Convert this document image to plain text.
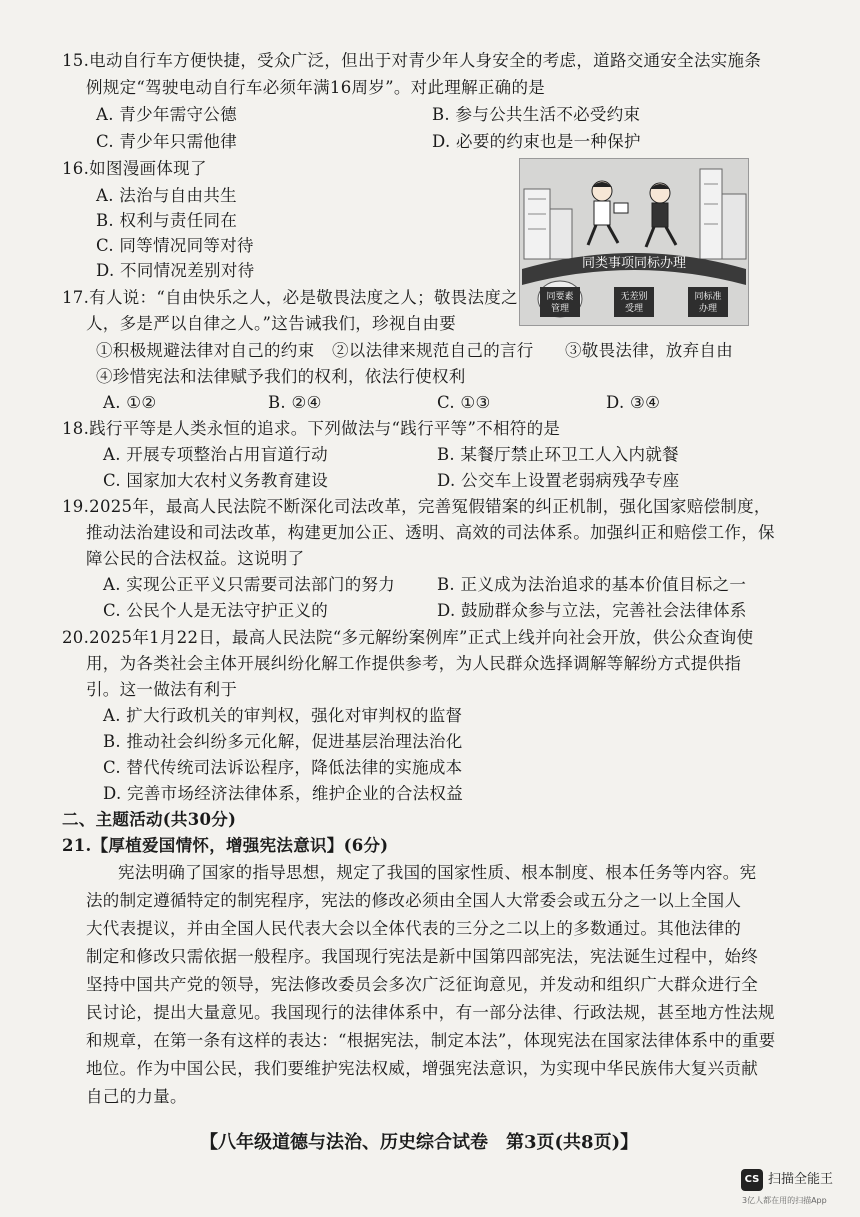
15.电动自行车方便快捷，受众广泛，但出于对青少年人身安全的考虑，道路交通安全法实施条
例规定“驾驶电动自行车必须年满16周岁”。对此理解正确的是
A. 青少年需守公德	B. 参与公共生活不必受约束
C. 青少年只需他律	D. 必要的约束也是一种保护
16.如图漫画体现了
A. 法治与自由共生
B. 权利与责任同在
C. 同等情况同等对待
D. 不同情况差别对待	同类事项同标办理
同要素
管理
无差别
受理
同标准
办理
17.有人说：“自由快乐之人，必是敬畏法度之人；敬畏法度之
人，多是严以自律之人。”这告诫我们，珍视自由要
①积极规避法律对自己的约束 ②以法律来规范自己的言行 ③敬畏法律，放弃自由
④珍惜宪法和法律赋予我们的权利，依法行使权利
A. ①②	B. ②④	C. ①③	D. ③④
18.践行平等是人类永恒的追求。下列做法与“践行平等”不相符的是
A. 开展专项整治占用盲道行动	B. 某餐厅禁止环卫工人入内就餐
C. 国家加大农村义务教育建设	D. 公交车上设置老弱病残孕专座
19.2025年，最高人民法院不断深化司法改革，完善冤假错案的纠正机制，强化国家赔偿制度，
推动法治建设和司法改革，构建更加公正、透明、高效的司法体系。加强纠正和赔偿工作，保
障公民的合法权益。这说明了
A. 实现公正平义只需要司法部门的努力	B. 正义成为法治追求的基本价值目标之一
C. 公民个人是无法守护正义的	D. 鼓励群众参与立法，完善社会法律体系
20.2025年1月22日，最高人民法院“多元解纷案例库”正式上线并向社会开放，供公众查询使
用，为各类社会主体开展纠纷化解工作提供参考，为人民群众选择调解等解纷方式提供指
引。这一做法有利于
A. 扩大行政机关的审判权，强化对审判权的监督
B. 推动社会纠纷多元化解，促进基层治理法治化
C. 替代传统司法诉讼程序，降低法律的实施成本
D. 完善市场经济法律体系，维护企业的合法权益
二、主题活动(共30分)
21.【厚植爱国情怀，增强宪法意识】(6分)
宪法明确了国家的指导思想，规定了我国的国家性质、根本制度、根本任务等内容。宪
法的制定遵循特定的制宪程序，宪法的修改必须由全国人大常委会或五分之一以上全国人
大代表提议，并由全国人民代表大会以全体代表的三分之二以上的多数通过。其他法律的
制定和修改只需依据一般程序。我国现行宪法是新中国第四部宪法，宪法诞生过程中，始终
坚持中国共产党的领导，宪法修改委员会多次广泛征询意见，并发动和组织广大群众进行全
民讨论，提出大量意见。我国现行的法律体系中，有一部分法律、行政法规，甚至地方性法规
和规章，在第一条有这样的表达：“根据宪法，制定本法”，体现宪法在国家法律体系中的重要
地位。作为中国公民，我们要维护宪法权威，增强宪法意识，为实现中华民族伟大复兴贡献
自己的力量。
【八年级道德与法治、历史综合试卷　第3页(共8页)】
CS 扫描全能王
3亿人都在用的扫描App
